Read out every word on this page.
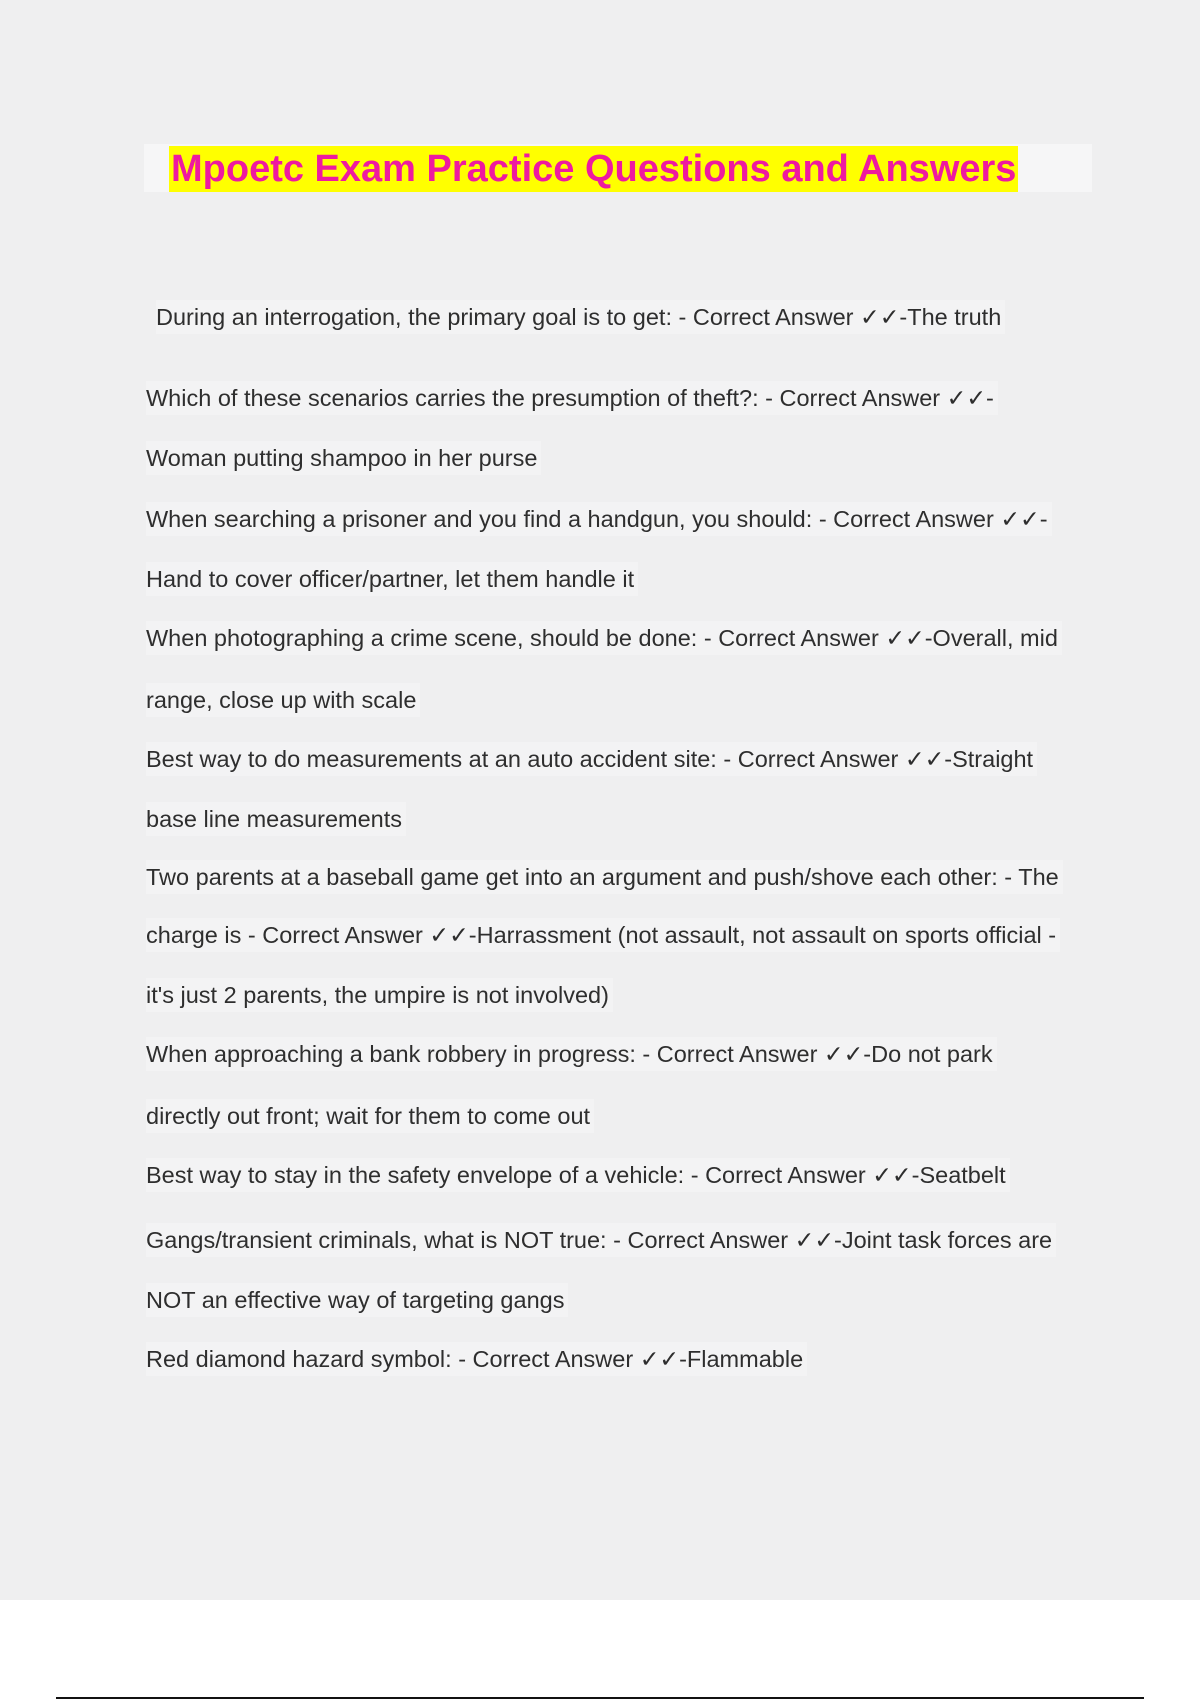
Mpoetc Exam Practice Questions and Answers
During an interrogation, the primary goal is to get: - Correct Answer ✓✓-The truth
Which of these scenarios carries the presumption of theft?: - Correct Answer ✓✓-
Woman putting shampoo in her purse
When searching a prisoner and you find a handgun, you should: - Correct Answer ✓✓-
Hand to cover officer/partner, let them handle it
When photographing a crime scene, should be done: - Correct Answer ✓✓-Overall, mid
range, close up with scale
Best way to do measurements at an auto accident site: - Correct Answer ✓✓-Straight
base line measurements
Two parents at a baseball game get into an argument and push/shove each other: - The
charge is - Correct Answer ✓✓-Harrassment (not assault, not assault on sports official -
it's just 2 parents, the umpire is not involved)
When approaching a bank robbery in progress: - Correct Answer ✓✓-Do not park
directly out front; wait for them to come out
Best way to stay in the safety envelope of a vehicle: - Correct Answer ✓✓-Seatbelt
Gangs/transient criminals, what is NOT true: - Correct Answer ✓✓-Joint task forces are
NOT an effective way of targeting gangs
Red diamond hazard symbol: - Correct Answer ✓✓-Flammable
